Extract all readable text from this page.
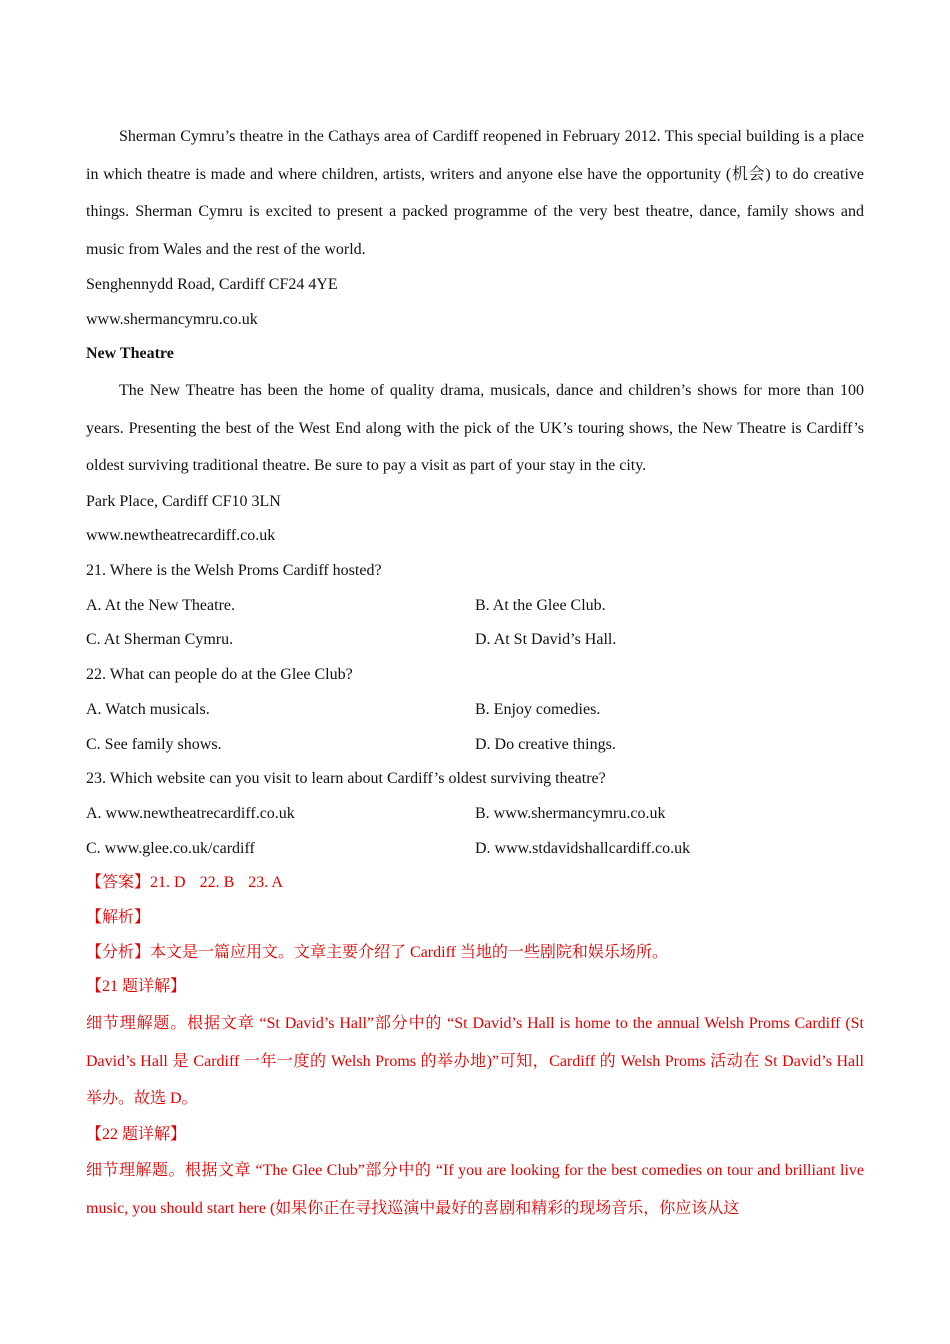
Sherman Cymru’s theatre in the Cathays area of Cardiff reopened in February 2012. This special building is a place in which theatre is made and where children, artists, writers and anyone else have the opportunity (机会) to do creative things. Sherman Cymru is excited to present a packed programme of the very best theatre, dance, family shows and music from Wales and the rest of the world.

Senghennydd Road, Cardiff CF24 4YE

www.shermancymru.co.uk

New Theatre

The New Theatre has been the home of quality drama, musicals, dance and children’s shows for more than 100 years. Presenting the best of the West End along with the pick of the UK’s touring shows, the New Theatre is Cardiff’s oldest surviving traditional theatre. Be sure to pay a visit as part of your stay in the city.

Park Place, Cardiff CF10 3LN

www.newtheatrecardiff.co.uk

21. Where is the Welsh Proms Cardiff hosted?

A. At the New Theatre.	B. At the Glee Club.
C. At Sherman Cymru.	D. At St David’s Hall.

22. What can people do at the Glee Club?

A. Watch musicals.	B. Enjoy comedies.
C. See family shows.	D. Do creative things.

23. Which website can you visit to learn about Cardiff’s oldest surviving theatre?

A. www.newtheatrecardiff.co.uk	B. www.shermancymru.co.uk
C. www.glee.co.uk/cardiff	D. www.stdavidshallcardiff.co.uk

【答案】21. D 22. B 23. A

【解析】

【分析】本文是一篇应用文。文章主要介绍了 Cardiff 当地的一些剧院和娱乐场所。

【21 题详解】

细节理解题。根据文章 “St David’s Hall”部分中的 “St David’s Hall is home to the annual Welsh Proms Cardiff (St David’s Hall 是 Cardiff 一年一度的 Welsh Proms 的举办地)”可知，Cardiff 的 Welsh Proms 活动在 St David’s Hall 举办。故选 D。

【22 题详解】

细节理解题。根据文章 “The Glee Club”部分中的 “If you are looking for the best comedies on tour and brilliant live music, you should start here (如果你正在寻找巡演中最好的喜剧和精彩的现场音乐，你应该从这
